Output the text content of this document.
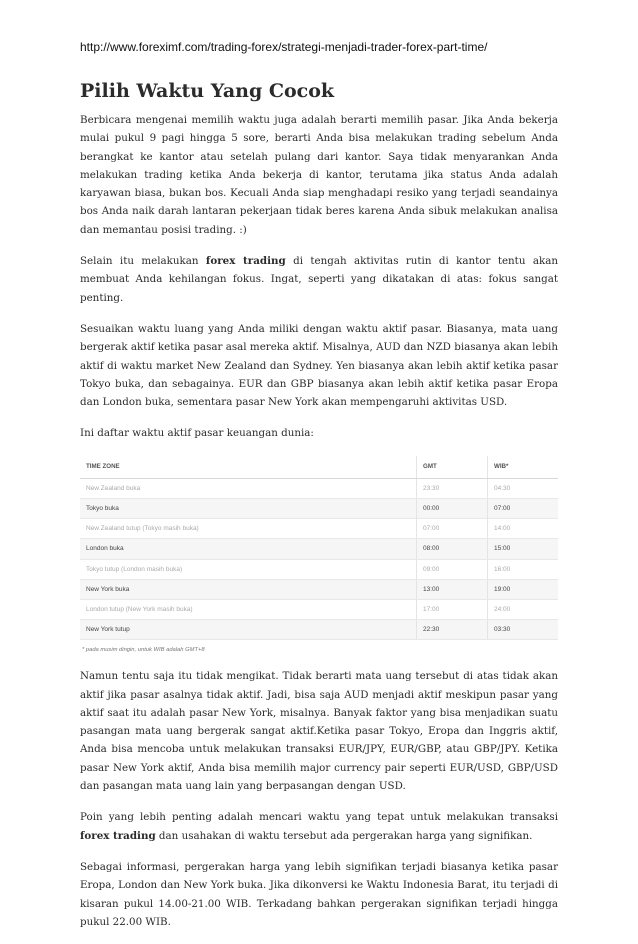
http://www.foreximf.com/trading-forex/strategi-menjadi-trader-forex-part-time/
Pilih Waktu Yang Cocok

Berbicara mengenai memilih waktu juga adalah berarti memilih pasar. Jika Anda bekerja mulai pukul 9 pagi hingga 5 sore, berarti Anda bisa melakukan trading sebelum Anda berangkat ke kantor atau setelah pulang dari kantor. Saya tidak menyarankan Anda melakukan trading ketika Anda bekerja di kantor, terutama jika status Anda adalah karyawan biasa, bukan bos. Kecuali Anda siap menghadapi resiko yang terjadi seandainya bos Anda naik darah lantaran pekerjaan tidak beres karena Anda sibuk melakukan analisa dan memantau posisi trading. :)

Selain itu melakukan forex trading di tengah aktivitas rutin di kantor tentu akan membuat Anda kehilangan fokus. Ingat, seperti yang dikatakan di atas: fokus sangat penting.

Sesuaikan waktu luang yang Anda miliki dengan waktu aktif pasar. Biasanya, mata uang bergerak aktif ketika pasar asal mereka aktif. Misalnya, AUD dan NZD biasanya akan lebih aktif di waktu market New Zealand dan Sydney. Yen biasanya akan lebih aktif ketika pasar Tokyo buka, dan sebagainya. EUR dan GBP biasanya akan lebih aktif ketika pasar Eropa dan London buka, sementara pasar New York akan mempengaruhi aktivitas USD.

Ini daftar waktu aktif pasar keuangan dunia:

TIME ZONE	GMT	WIB*
New Zealand buka	23:30	04:30
Tokyo buka	00:00	07:00
New Zealand tutup (Tokyo masih buka)	07:00	14:00
London buka	08:00	15:00
Tokyo tutup (London masih buka)	09:00	16:00
New York buka	13:00	19:00
London tutup (New York masih buka)	17:00	24:00
New York tutup	22:30	03:30
* pada musim dingin, untuk WIB adalah GMT+8

Namun tentu saja itu tidak mengikat. Tidak berarti mata uang tersebut di atas tidak akan aktif jika pasar asalnya tidak aktif. Jadi, bisa saja AUD menjadi aktif meskipun pasar yang aktif saat itu adalah pasar New York, misalnya. Banyak faktor yang bisa menjadikan suatu pasangan mata uang bergerak sangat aktif.Ketika pasar Tokyo, Eropa dan Inggris aktif, Anda bisa mencoba untuk melakukan transaksi EUR/JPY, EUR/GBP, atau GBP/JPY. Ketika pasar New York aktif, Anda bisa memilih major currency pair seperti EUR/USD, GBP/USD dan pasangan mata uang lain yang berpasangan dengan USD.

Poin yang lebih penting adalah mencari waktu yang tepat untuk melakukan transaksi forex trading dan usahakan di waktu tersebut ada pergerakan harga yang signifikan.

Sebagai informasi, pergerakan harga yang lebih signifikan terjadi biasanya ketika pasar Eropa, London dan New York buka. Jika dikonversi ke Waktu Indonesia Barat, itu terjadi di kisaran pukul 14.00-21.00 WIB. Terkadang bahkan pergerakan signifikan terjadi hingga pukul 22.00 WIB.
